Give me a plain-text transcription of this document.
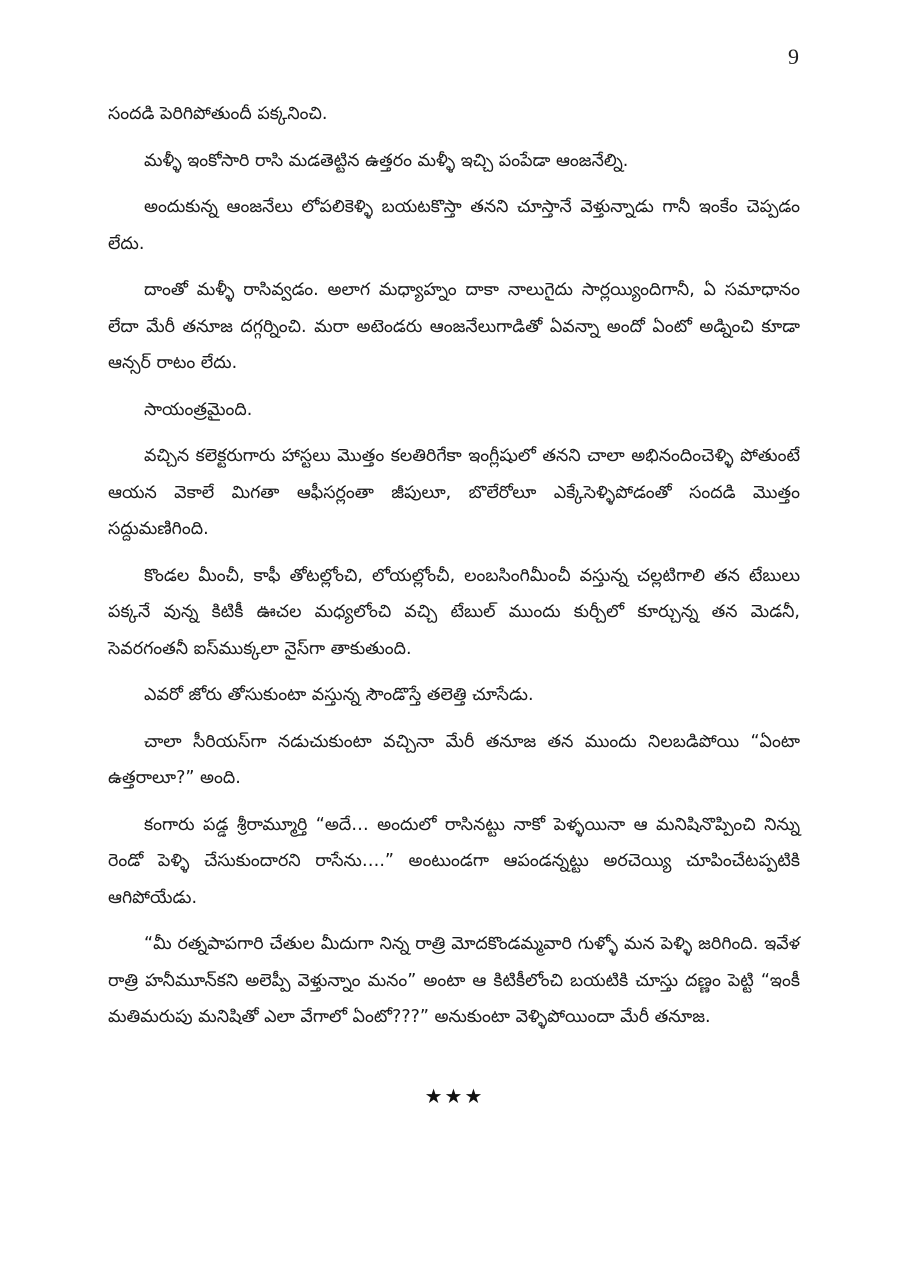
9

సందడి పెరిగిపోతుందీ పక్కనించి.

మళ్ళీ ఇంకోసారి రాసి మడతెట్టిన ఉత్తరం మళ్ళీ ఇచ్చి పంపేడా ఆంజనేల్ని.

అందుకున్న ఆంజనేలు లోపలికెళ్ళి బయటకొస్తా తనని చూస్తానే వెళ్తున్నాడు గానీ ఇంకేం చెప్పడం లేదు.

దాంతో మళ్ళీ రాసివ్వడం. అలాగ మధ్యాహ్నం దాకా నాలుగైదు సార్లయ్యిందిగానీ, ఏ సమాధానం లేదా మేరీ తనూజ దగ్గర్నించి. మరా అటెండరు ఆంజనేలుగాడితో ఏవన్నా అందో ఏంటో అడ్నించి కూడా ఆన్సర్ రాటం లేదు.

సాయంత్రమైంది.

వచ్చిన కలెక్టరుగారు హాస్టలు మొత్తం కలతిరిగేకా ఇంగ్లీషులో తనని చాలా అభినందించెళ్ళి పోతుంటే ఆయన వెకాలే మిగతా ఆఫీసర్లంతా జీపులూ, బొలేరోలూ ఎక్కేసెళ్ళిపోడంతో సందడి మొత్తం సద్దుమణిగింది.

కొండల మీంచీ, కాఫీ తోటల్లోంచి, లోయల్లోంచీ, లంబసింగిమీంచీ వస్తున్న చల్లటిగాలి తన టేబులు పక్కనే వున్న కిటికీ ఊచల మధ్యలోంచి వచ్చి టేబుల్ ముందు కుర్చీలో కూర్చున్న తన మెడనీ, సెవరగంతనీ ఐస్‌ముక్కలా నైస్‌గా తాకుతుంది.

ఎవరో జోరు తోసుకుంటా వస్తున్న సౌండొస్తే తలెత్తి చూసేడు.

చాలా సీరియస్‌గా నడుచుకుంటా వచ్చినా మేరీ తనూజ తన ముందు నిలబడిపోయి “ఏంటా ఉత్తరాలూ?” అంది.

కంగారు పడ్డ శ్రీరామ్మూర్తి “అదే… అందులో రాసినట్టు నాకో పెళ్ళయినా ఆ మనిషినొప్పించి నిన్ను రెండో పెళ్ళి చేసుకుందారని రాసేను….” అంటుండగా ఆపండన్నట్టు అరచెయ్యి చూపించేటప్పటికి ఆగిపోయేడు.

“మీ రత్నపాపగారి చేతుల మీదుగా నిన్న రాత్రి మోదకొండమ్మవారి గుళ్ళో మన పెళ్ళి జరిగింది. ఇవేళ రాత్రి హనీమూన్‌కని అలెప్పీ వెళ్తున్నాం మనం” అంటా ఆ కిటికీలోంచి బయటికి చూస్తు దణ్ణం పెట్టి “ఇంకీ మతిమరుపు మనిషితో ఎలా వేగాలో ఏంటో???” అనుకుంటా వెళ్ళిపోయిందా మేరీ తనూజ.

★★★
